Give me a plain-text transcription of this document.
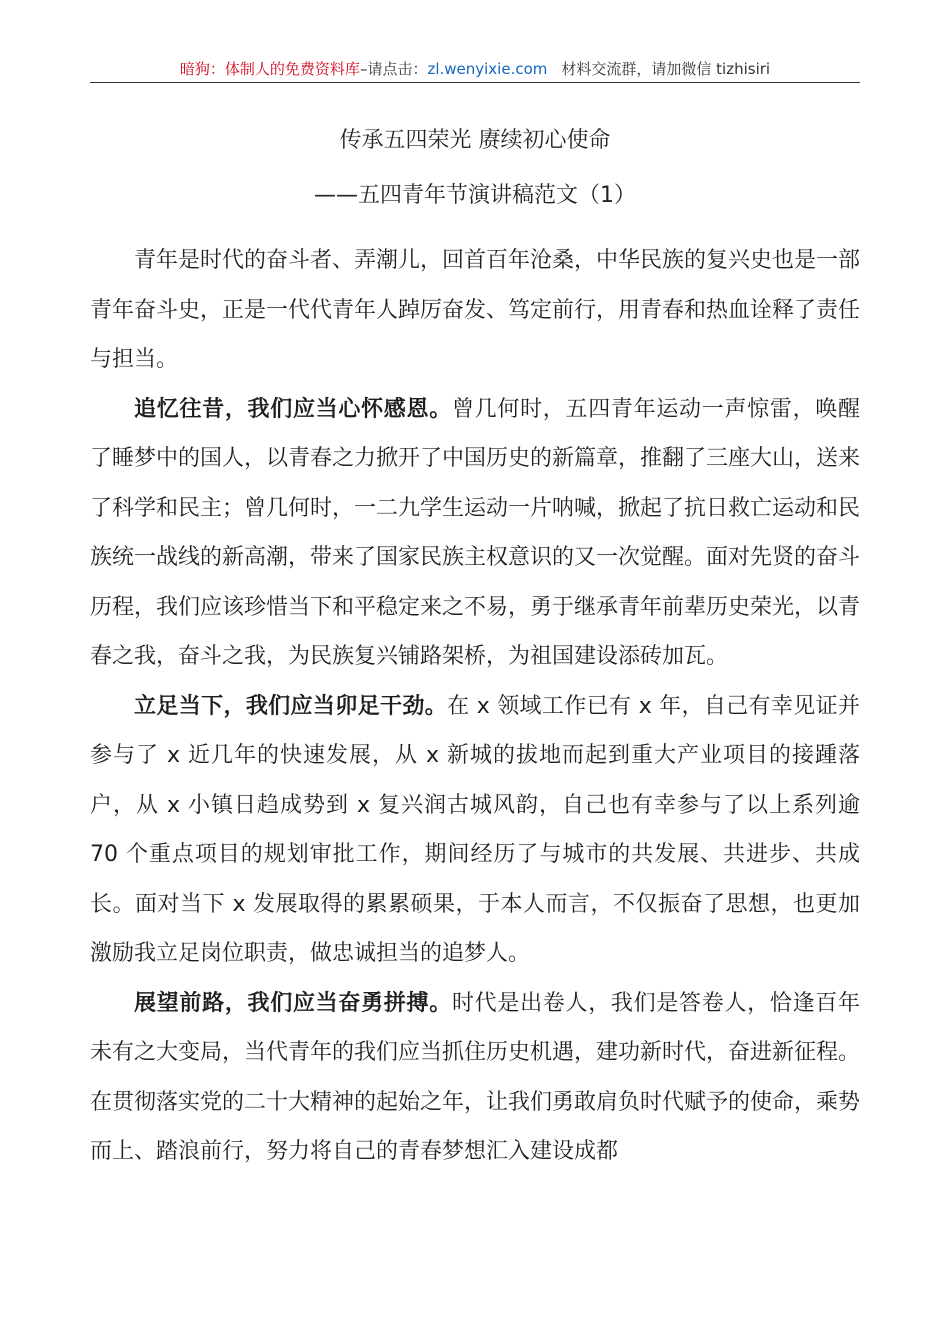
暗狗：体制人的免费资料库–请点击：zl.wenyixie.com 材料交流群，请加微信 tizhisiri
传承五四荣光 赓续初心使命
——五四青年节演讲稿范文（1）

青年是时代的奋斗者、弄潮儿，回首百年沧桑，中华民族的复兴史也是一部青年奋斗史，正是一代代青年人踔厉奋发、笃定前行，用青春和热血诠释了责任与担当。

追忆往昔，我们应当心怀感恩。曾几何时，五四青年运动一声惊雷，唤醒了睡梦中的国人，以青春之力掀开了中国历史的新篇章，推翻了三座大山，送来了科学和民主；曾几何时，一二九学生运动一片呐喊，掀起了抗日救亡运动和民族统一战线的新高潮，带来了国家民族主权意识的又一次觉醒。面对先贤的奋斗历程，我们应该珍惜当下和平稳定来之不易，勇于继承青年前辈历史荣光，以青春之我，奋斗之我，为民族复兴铺路架桥，为祖国建设添砖加瓦。

立足当下，我们应当卯足干劲。在 x 领域工作已有 x 年，自己有幸见证并参与了 x 近几年的快速发展，从 x 新城的拔地而起到重大产业项目的接踵落户，从 x 小镇日趋成势到 x 复兴润古城风韵，自己也有幸参与了以上系列逾 70 个重点项目的规划审批工作，期间经历了与城市的共发展、共进步、共成长。面对当下 x 发展取得的累累硕果，于本人而言，不仅振奋了思想，也更加激励我立足岗位职责，做忠诚担当的追梦人。

展望前路，我们应当奋勇拼搏。时代是出卷人，我们是答卷人，恰逢百年未有之大变局，当代青年的我们应当抓住历史机遇，建功新时代，奋进新征程。在贯彻落实党的二十大精神的起始之年，让我们勇敢肩负时代赋予的使命，乘势而上、踏浪前行，努力将自己的青春梦想汇入建设成都
